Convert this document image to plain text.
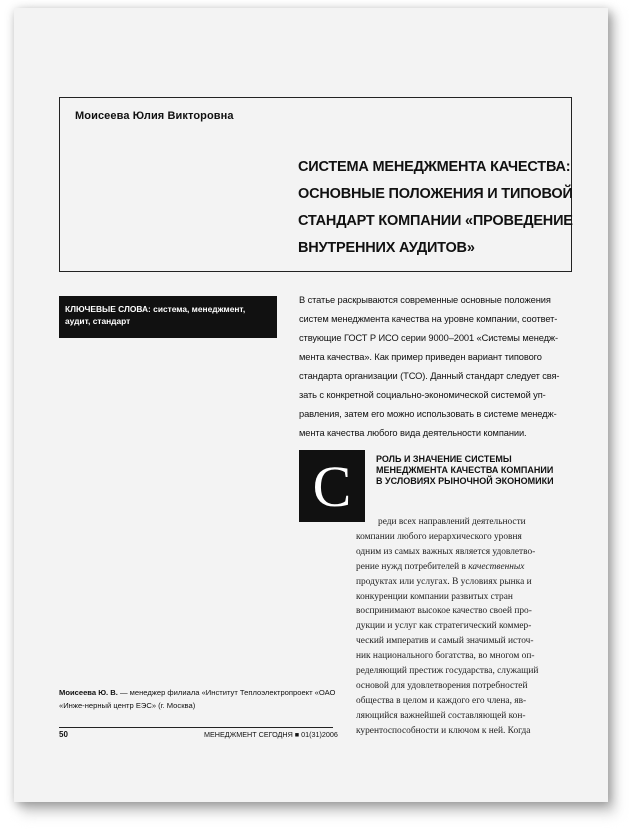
Моисеева Юлия Викторовна
СИСТЕМА МЕНЕДЖМЕНТА КАЧЕСТВА:
ОСНОВНЫЕ ПОЛОЖЕНИЯ И ТИПОВОЙ
СТАНДАРТ КОМПАНИИ «ПРОВЕДЕНИЕ
ВНУТРЕННИХ АУДИТОВ»
КЛЮЧЕВЫЕ СЛОВА: система, менеджмент, аудит, стандарт
В статье раскрываются современные основные положения
систем менеджмента качества на уровне компании, соответ-
ствующие ГОСТ Р ИСО серии 9000–2001 «Системы менедж-
мента качества». Как пример приведен вариант типового
стандарта организации (ТСО). Данный стандарт следует свя-
зать с конкретной социально-экономической системой уп-
равления, затем его можно использовать в системе менедж-
мента качества любого вида деятельности компании.
С	РОЛЬ И ЗНАЧЕНИЕ СИСТЕМЫ
МЕНЕДЖМЕНТА КАЧЕСТВА КОМПАНИИ
В УСЛОВИЯХ РЫНОЧНОЙ ЭКОНОМИКИ
реди всех направлений деятельности
компании любого иерархического уровня
одним из самых важных является удовлетво-
рение нужд потребителей в качественных
продуктах или услугах. В условиях рынка и
конкуренции компании развитых стран
воспринимают высокое качество своей про-
дукции и услуг как стратегический коммер-
ческий императив и самый значимый источ-
ник национального богатства, во многом оп-
ределяющий престиж государства, служащий
основой для удовлетворения потребностей
общества в целом и каждого его члена, яв-
ляющийся важнейшей составляющей кон-
курентоспособности и ключом к ней. Когда
Моисеева Ю. В. — менеджер филиала «Институт Теплоэлектропроект «ОАО «Инже-нерный центр ЕЭС» (г. Москва)
50	МЕНЕДЖМЕНТ СЕГОДНЯ ■ 01(31)2006
